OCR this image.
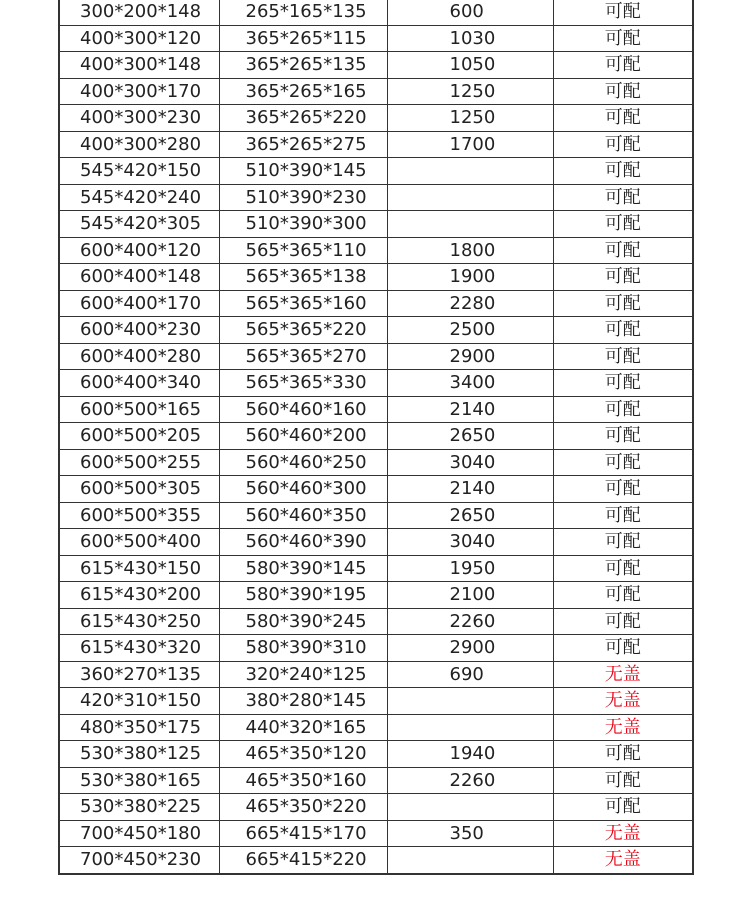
300*200*148	265*165*135	600	可配
400*300*120	365*265*115	1030	可配
400*300*148	365*265*135	1050	可配
400*300*170	365*265*165	1250	可配
400*300*230	365*265*220	1250	可配
400*300*280	365*265*275	1700	可配
545*420*150	510*390*145		可配
545*420*240	510*390*230		可配
545*420*305	510*390*300		可配
600*400*120	565*365*110	1800	可配
600*400*148	565*365*138	1900	可配
600*400*170	565*365*160	2280	可配
600*400*230	565*365*220	2500	可配
600*400*280	565*365*270	2900	可配
600*400*340	565*365*330	3400	可配
600*500*165	560*460*160	2140	可配
600*500*205	560*460*200	2650	可配
600*500*255	560*460*250	3040	可配
600*500*305	560*460*300	2140	可配
600*500*355	560*460*350	2650	可配
600*500*400	560*460*390	3040	可配
615*430*150	580*390*145	1950	可配
615*430*200	580*390*195	2100	可配
615*430*250	580*390*245	2260	可配
615*430*320	580*390*310	2900	可配
360*270*135	320*240*125	690	无盖
420*310*150	380*280*145		无盖
480*350*175	440*320*165		无盖
530*380*125	465*350*120	1940	可配
530*380*165	465*350*160	2260	可配
530*380*225	465*350*220		可配
700*450*180	665*415*170	350	无盖
700*450*230	665*415*220		无盖
